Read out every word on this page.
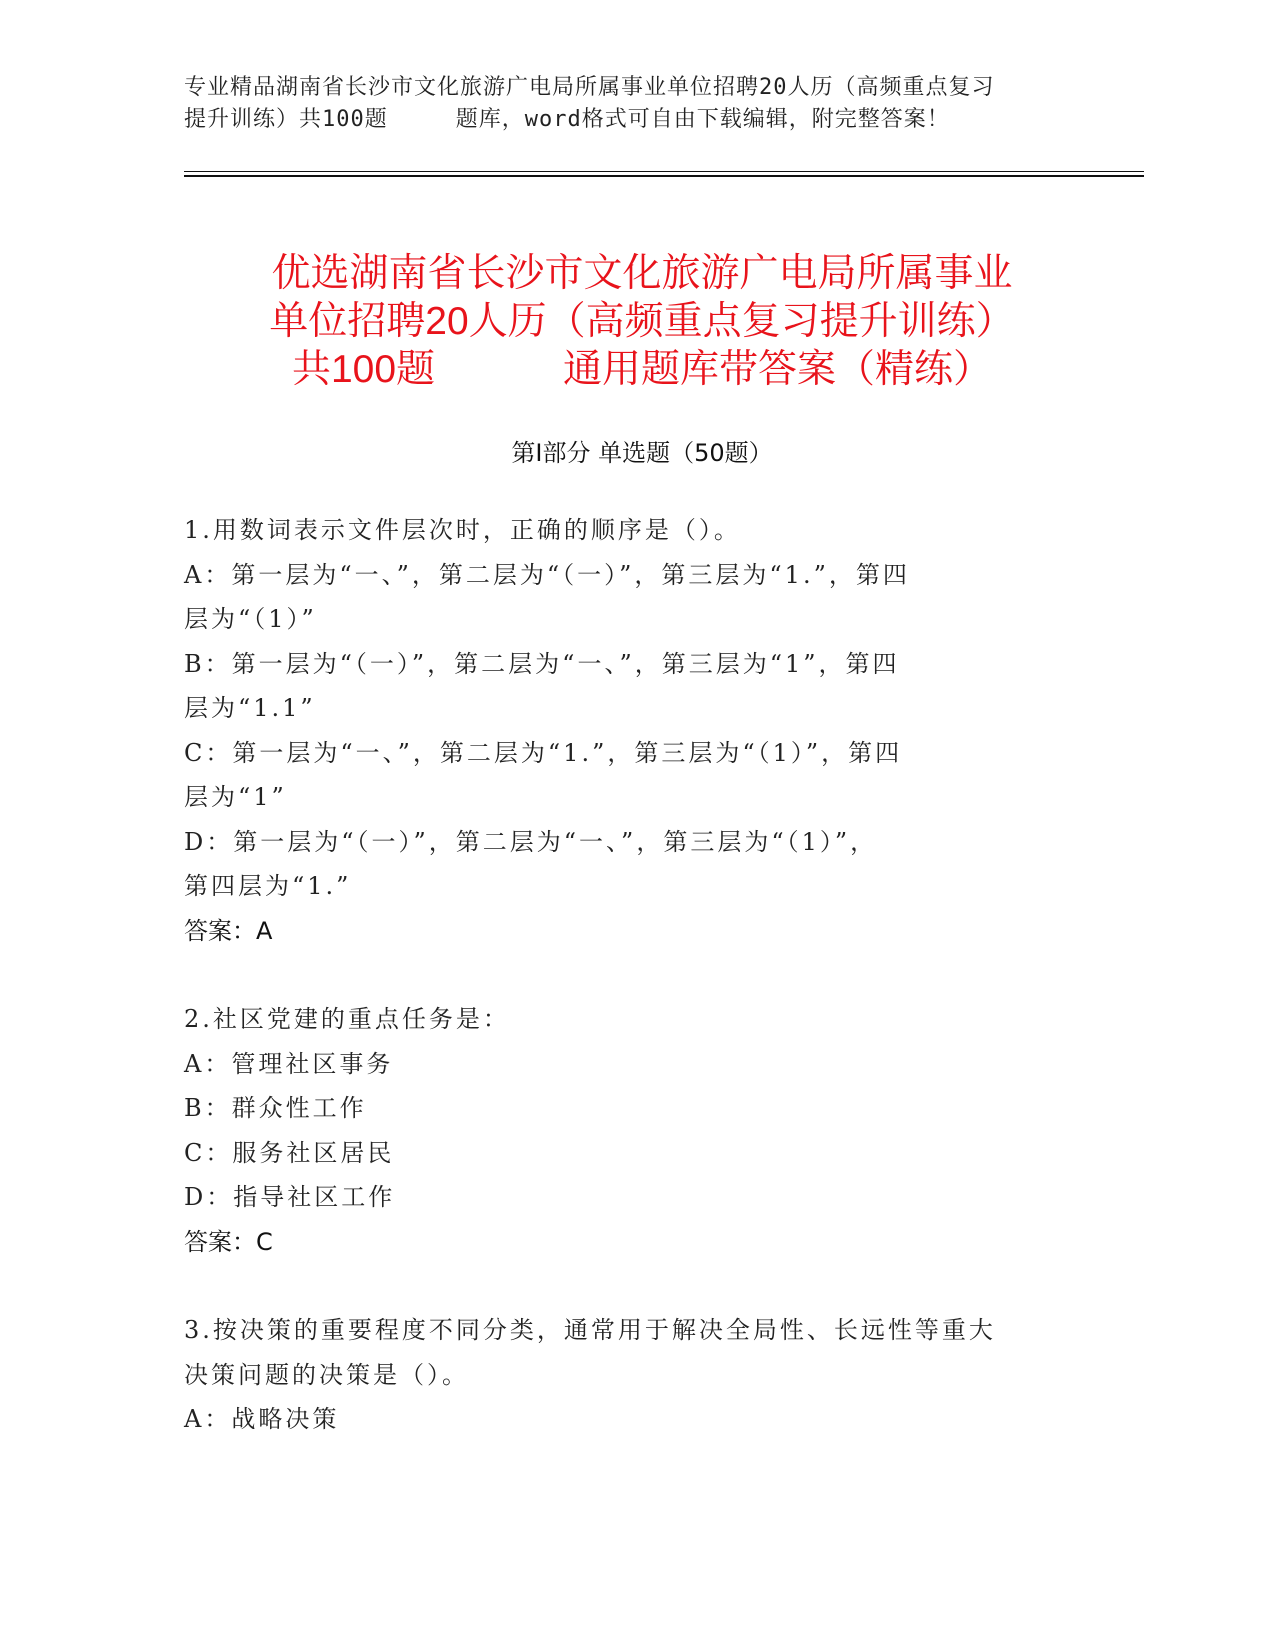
专业精品湖南省长沙市文化旅游广电局所属事业单位招聘20人历（高频重点复习
提升训练）共100题	题库，word格式可自由下载编辑，附完整答案！
优选湖南省长沙市文化旅游广电局所属事业
单位招聘20人历（高频重点复习提升训练）
共100题	通用题库带答案（精练）
第Ⅰ部分 单选题（50题）

1.用数词表示文件层次时，正确的顺序是（）。

A：第一层为“一、”，第二层为“（一）”，第三层为“1.”，第四

层为“（1）”

B：第一层为“（一）”，第二层为“一、”，第三层为“1”，第四

层为“1.1”

C：第一层为“一、”，第二层为“1.”，第三层为“（1）”，第四

层为“1”

D：第一层为“（一）”，第二层为“一、”，第三层为“（1）”，

第四层为“1.”

答案：A

2.社区党建的重点任务是：

A：管理社区事务

B：群众性工作

C：服务社区居民

D：指导社区工作

答案：C

3.按决策的重要程度不同分类，通常用于解决全局性、长远性等重大

决策问题的决策是（）。

A：战略决策
